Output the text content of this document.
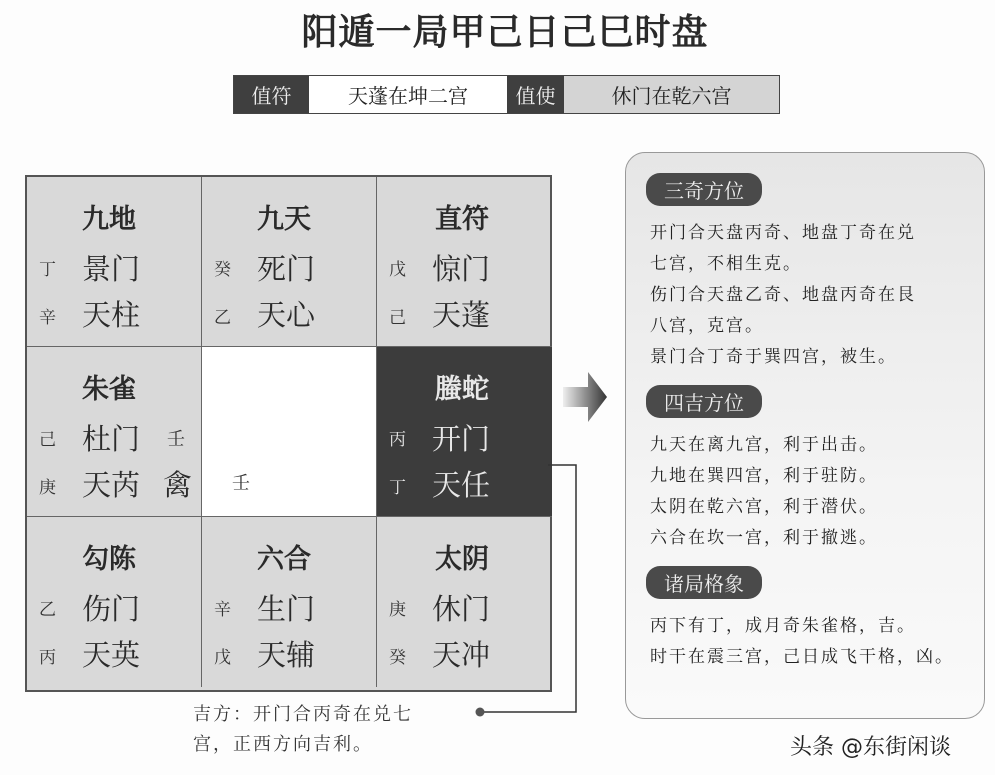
阳遁一局甲己日己巳时盘
值符	天蓬在坤二宫	值使	休门在乾六宫
九地
丁 景门
辛 天柱
九天
癸 死门
乙 天心
直符
戊 惊门
己 天蓬
朱雀
己 杜门
庚 天芮
壬
禽 壬
螣蛇
丙 开门
丁 天任
勾陈
乙 伤门
丙 天英
六合
辛 生门
戊 天辅
太阴
庚 休门
癸 天冲
吉方：开门合丙奇在兑七
宫，正西方向吉利。
三奇方位
开门合天盘丙奇、地盘丁奇在兑
七宫，不相生克。
伤门合天盘乙奇、地盘丙奇在艮
八宫，克宫。
景门合丁奇于巽四宫，被生。
四吉方位
九天在离九宫，利于出击。
九地在巽四宫，利于驻防。
太阴在乾六宫，利于潜伏。
六合在坎一宫，利于撤逃。
诸局格象
丙下有丁，成月奇朱雀格，吉。
时干在震三宫，己日成飞干格，凶。
头条 @东街闲谈
